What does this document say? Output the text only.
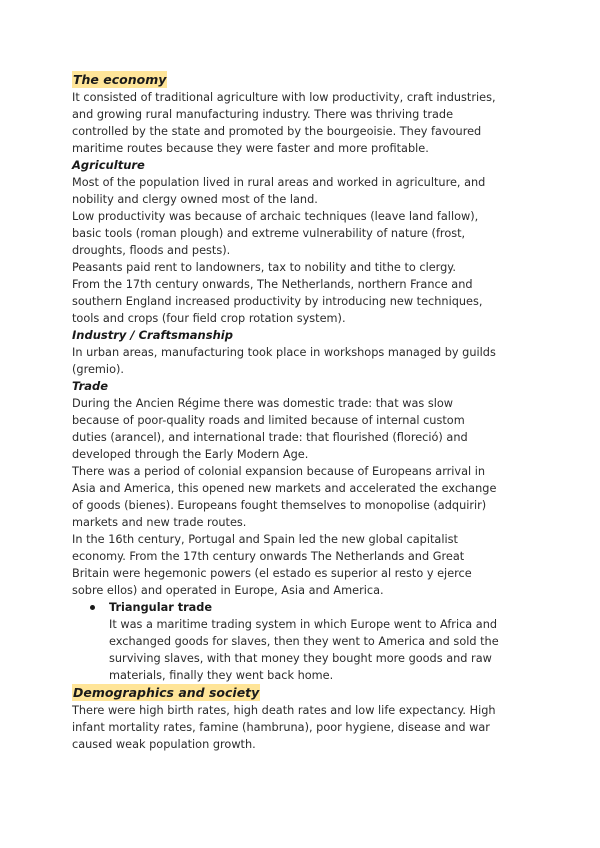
The economy

It consisted of traditional agriculture with low productivity, craft industries,

and growing rural manufacturing industry. There was thriving trade

controlled by the state and promoted by the bourgeoisie. They favoured

maritime routes because they were faster and more profitable.

Agriculture

Most of the population lived in rural areas and worked in agriculture, and

nobility and clergy owned most of the land.

Low productivity was because of archaic techniques (leave land fallow),

basic tools (roman plough) and extreme vulnerability of nature (frost,

droughts, floods and pests).

Peasants paid rent to landowners, tax to nobility and tithe to clergy.

From the 17th century onwards, The Netherlands, northern France and

southern England increased productivity by introducing new techniques,

tools and crops (four field crop rotation system).

Industry / Craftsmanship

In urban areas, manufacturing took place in workshops managed by guilds

(gremio).

Trade

During the Ancien Régime there was domestic trade: that was slow

because of poor-quality roads and limited because of internal custom

duties (arancel), and international trade: that flourished (floreció) and

developed through the Early Modern Age.

There was a period of colonial expansion because of Europeans arrival in

Asia and America, this opened new markets and accelerated the exchange

of goods (bienes). Europeans fought themselves to monopolise (adquirir)

markets and new trade routes.

In the 16th century, Portugal and Spain led the new global capitalist

economy. From the 17th century onwards The Netherlands and Great

Britain were hegemonic powers (el estado es superior al resto y ejerce

sobre ellos) and operated in Europe, Asia and America.

Triangular trade

It was a maritime trading system in which Europe went to Africa and

exchanged goods for slaves, then they went to America and sold the

surviving slaves, with that money they bought more goods and raw

materials, finally they went back home.

Demographics and society

There were high birth rates, high death rates and low life expectancy. High

infant mortality rates, famine (hambruna), poor hygiene, disease and war

caused weak population growth.
